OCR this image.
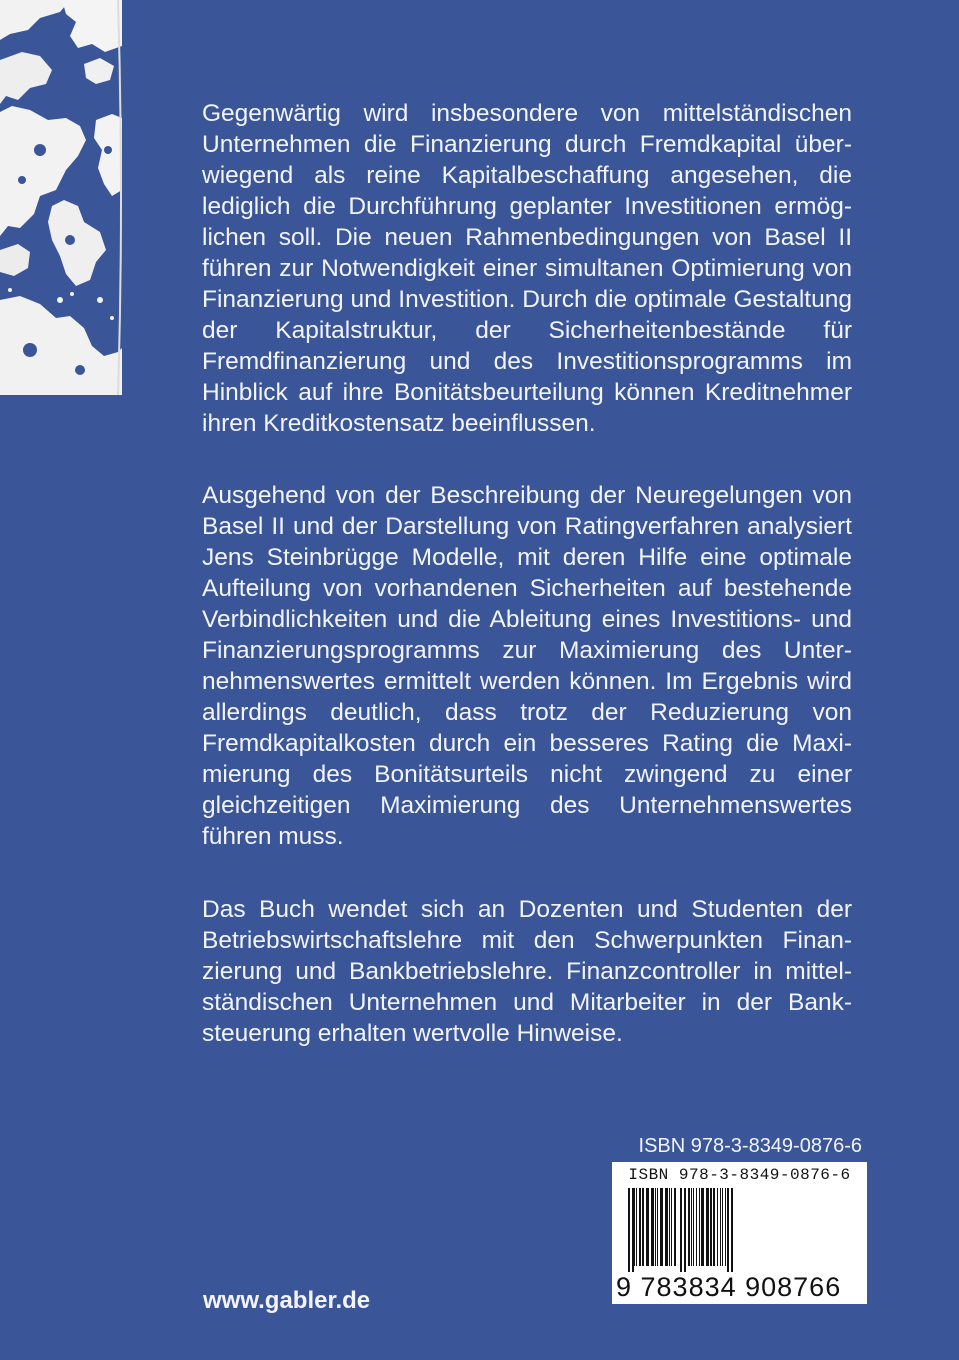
Gegenwärtig wird insbesondere von mittelständischen Unternehmen die Finanzierung durch Fremdkapital überwiegend als reine Kapitalbeschaffung angesehen, die lediglich die Durchführung geplanter Investitionen ermöglichen soll. Die neuen Rahmenbedingungen von Basel II führen zur Notwendigkeit einer simultanen Optimierung von Finanzierung und Investition. Durch die optimale Gestaltung der Kapitalstruktur, der Sicherheitenbestände für Fremdfinanzierung und des Investitionsprogramms im Hinblick auf ihre Bonitätsbeurteilung können Kreditnehmer ihren Kreditkostensatz beeinflussen.

Ausgehend von der Beschreibung der Neuregelungen von Basel II und der Darstellung von Ratingverfahren analysiert Jens Steinbrügge Modelle, mit deren Hilfe eine optimale Aufteilung von vorhandenen Sicherheiten auf bestehende Verbindlichkeiten und die Ableitung eines Investitions- und Finanzierungsprogramms zur Maximierung des Unternehmenswertes ermittelt werden können. Im Ergebnis wird allerdings deutlich, dass trotz der Reduzierung von Fremdkapitalkosten durch ein besseres Rating die Maximierung des Bonitätsurteils nicht zwingend zu einer gleichzeitigen Maximierung des Unternehmenswertes führen muss.

Das Buch wendet sich an Dozenten und Studenten der Betriebswirtschaftslehre mit den Schwerpunkten Finanzierung und Bankbetriebslehre. Finanzcontroller in mittelständischen Unternehmen und Mitarbeiter in der Banksteuerung erhalten wertvolle Hinweise.

ISBN 978-3-8349-0876-6
ISBN 978-3-8349-0876-6
9 783834 908766
www.gabler.de
